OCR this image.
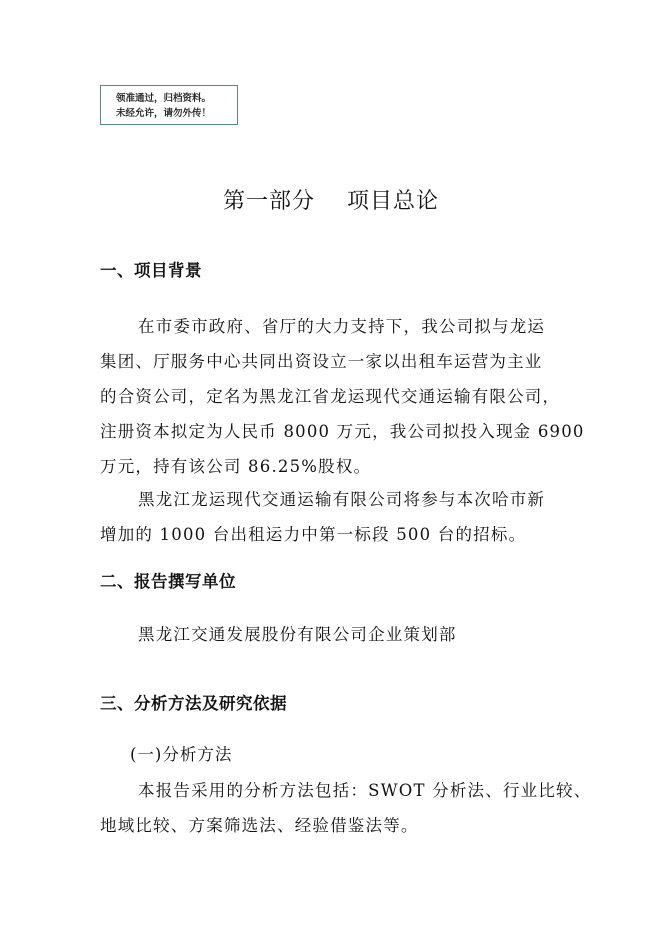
领准通过，归档资料。
未经允许，请勿外传！
第一部分    项目总论
一、项目背景
在市委市政府、省厅的大力支持下，我公司拟与龙运
集团、厅服务中心共同出资设立一家以出租车运营为主业
的合资公司，定名为黑龙江省龙运现代交通运输有限公司，
注册资本拟定为人民币 8000 万元，我公司拟投入现金 6900
万元，持有该公司 86.25%股权。
黑龙江龙运现代交通运输有限公司将参与本次哈市新
增加的 1000 台出租运力中第一标段 500 台的招标。
二、报告撰写单位
黑龙江交通发展股份有限公司企业策划部
三、分析方法及研究依据
(一)分析方法
本报告采用的分析方法包括：SWOT 分析法、行业比较、
地域比较、方案筛选法、经验借鉴法等。
